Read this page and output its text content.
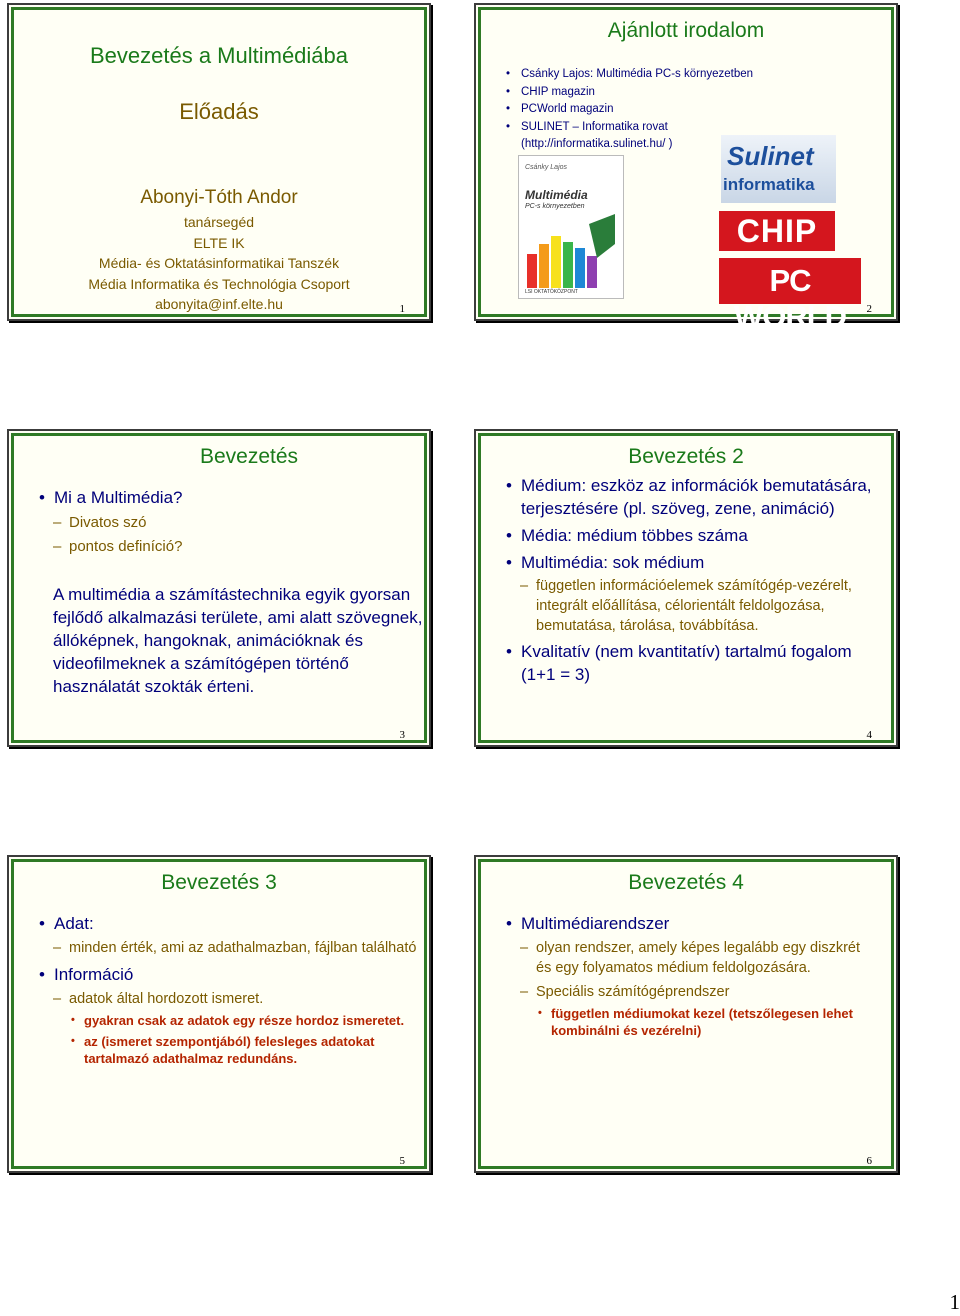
Bevezetés a Multimédiába
Előadás
Abonyi-Tóth Andor
tanársegéd
ELTE IK
Média- és Oktatásinformatikai Tanszék
Média Informatika és Technológia Csoport
abonyita@inf.elte.hu	1
Ajánlott irodalom
• Csánky Lajos: Multimédia PC-s környezetben
• CHIP magazin
• PCWorld magazin
• SULINET – Informatika rovat
(http://informatika.sulinet.hu/ )
Csánky Lajos
Multimédia
PC-s környezetben
LSI OKTATÓKÖZPONT
Sulinet
informatika
CHIP
PC WORLD	2
Bevezetés
• Mi a Multimédia?
– Divatos szó
– pontos definíció?
A multimédia a számítástechnika egyik gyorsan fejlődő alkalmazási területe, ami alatt szövegnek, állóképnek, hangoknak, animációknak és videofilmeknek a számítógépen történő használatát szokták érteni.
3
Bevezetés 2
• Médium: eszköz az információk bemutatására, terjesztésére (pl. szöveg, zene, animáció)
• Média: médium többes száma
• Multimédia: sok médium
– független információelemek számítógép-vezérelt, integrált előállítása, célorientált feldolgozása, bemutatása, tárolása, továbbítása.
• Kvalitatív (nem kvantitatív) tartalmú fogalom (1+1 = 3)
4
Bevezetés 3
• Adat:
– minden érték, ami az adathalmazban, fájlban található
• Információ
– adatok által hordozott ismeret.
• gyakran csak az adatok egy része hordoz ismeretet.
• az (ismeret szempontjából) felesleges adatokat tartalmazó adathalmaz redundáns.
5
Bevezetés 4
• Multimédiarendszer
– olyan rendszer, amely képes legalább egy diszkrét és egy folyamatos médium feldolgozására.
– Speciális számítógéprendszer
• független médiumokat kezel (tetszőlegesen lehet kombinálni és vezérelni)
6
1
